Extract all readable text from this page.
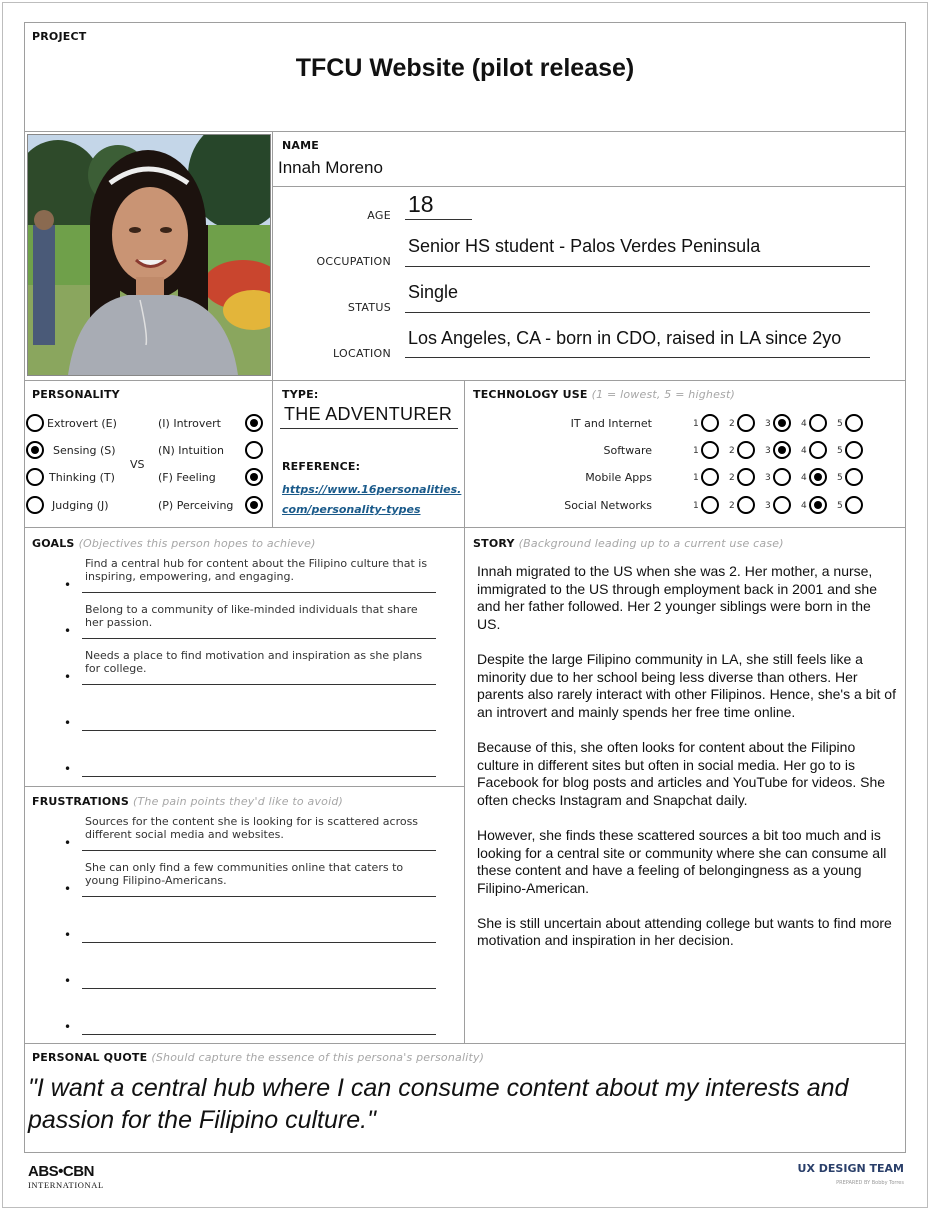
PROJECT
TFCU Website (pilot release)
NAME
Innah Moreno
AGE 18
OCCUPATION
Senior HS student - Palos Verdes Peninsula
STATUS
Single
LOCATION
Los Angeles, CA - born in CDO, raised in LA since 2yo
PERSONALITY
VS
Extrovert (E)	(I) Introvert
Sensing (S)	(N) Intuition
Thinking (T)	(F) Feeling
Judging (J)	(P) Perceiving
TYPE:
THE ADVENTURER
REFERENCE:
https://www.16personalities.
com/personality-types
TECHNOLOGY USE (1 = lowest, 5 = highest)
IT and Internet	1	2	3	4	5
Software	1	2	3	4	5
Mobile Apps	1	2	3	4	5
Social Networks	1	2	3	4	5
GOALS (Objectives this person hopes to achieve)
•
Find a central hub for content about the Filipino culture that is inspiring, empowering, and engaging.
•
Belong to a community of like-minded individuals that share her passion.
•
Needs a place to find motivation and inspiration as she plans for college.
•
•
FRUSTRATIONS (The pain points they'd like to avoid)
•
Sources for the content she is looking for is scattered across different social media and websites.
•
She can only find a few communities online that caters to young Filipino-Americans.
•
•
•
STORY (Background leading up to a current use case)

Innah migrated to the US when she was 2. Her mother, a nurse, immigrated to the US through employment back in 2001 and she and her father followed. Her 2 younger siblings were born in the US.

Despite the large Filipino community in LA, she still feels like a minority due to her school being less diverse than others. Her parents also rarely interact with other Filipinos. Hence, she's a bit of an introvert and mainly spends her free time online.

Because of this, she often looks for content about the Filipino culture in different sites but often in social media. Her go to is Facebook for blog posts and articles and YouTube for videos. She often checks Instagram and Snapchat daily.

However, she finds these scattered sources a bit too much and is looking for a central site or community where she can consume all these content and have a feeling of belongingness as a young Filipino-American.

She is still uncertain about attending college but wants to find more motivation and inspiration in her decision.

PERSONAL QUOTE (Should capture the essence of this persona's personality)
"I want a central hub where I can consume content about my interests and passion for the Filipino culture."
ABS•CBN
INTERNATIONAL
UX DESIGN TEAM
PREPARED BY Bobby Torres
